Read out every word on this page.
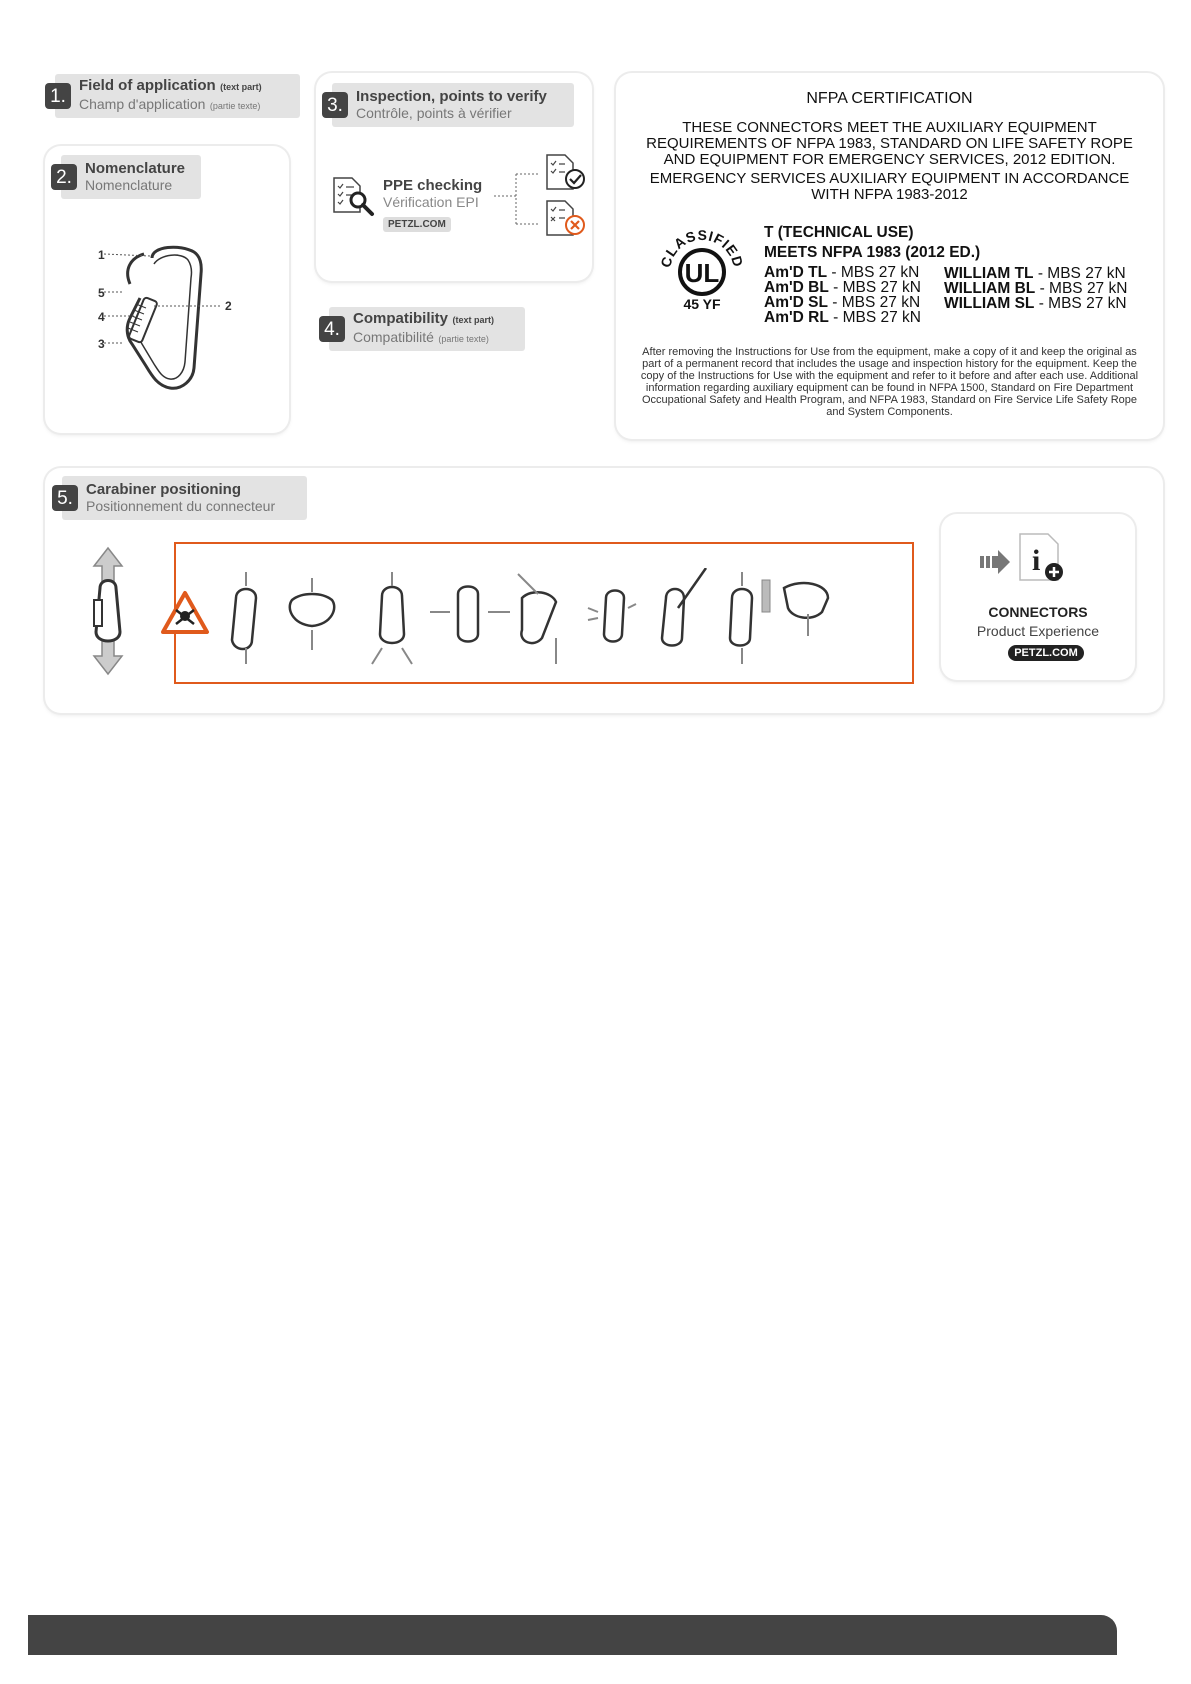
1.
Field of application (text part)
Champ d'application (partie texte)
2. Nomenclature
Nomenclature
1
5
4
3
2
3. Inspection, points to verify
Contrôle, points à vérifier
PPE checking
Vérification EPI
PETZL.COM
4.
Compatibility (text part)
Compatibilité (partie texte)
NFPA CERTIFICATION
THESE CONNECTORS MEET THE AUXILIARY EQUIPMENT REQUIREMENTS OF NFPA 1983, STANDARD ON LIFE SAFETY ROPE AND EQUIPMENT FOR EMERGENCY SERVICES, 2012 EDITION.
EMERGENCY SERVICES AUXILIARY EQUIPMENT IN ACCORDANCE WITH NFPA 1983-2012
CLASSIFIED
UL
45 YF
T (TECHNICAL USE)
MEETS NFPA 1983 (2012 ED.)
Am'D TL - MBS 27 kN
Am'D BL - MBS 27 kN
Am'D SL - MBS 27 kN
Am'D RL - MBS 27 kN
WILLIAM TL - MBS 27 kN
WILLIAM BL - MBS 27 kN
WILLIAM SL - MBS 27 kN
After removing the Instructions for Use from the equipment, make a copy of it and keep the original as part of a permanent record that includes the usage and inspection history for the equipment. Keep the copy of the Instructions for Use with the equipment and refer to it before and after each use. Additional information regarding auxiliary equipment can be found in NFPA 1500, Standard on Fire Department Occupational Safety and Health Program, and NFPA 1983, Standard on Fire Service Life Safety Rope and System Components.
5. Carabiner positioning
Positionnement du connecteur
i
CONNECTORS
Product Experience
PETZL.COM
